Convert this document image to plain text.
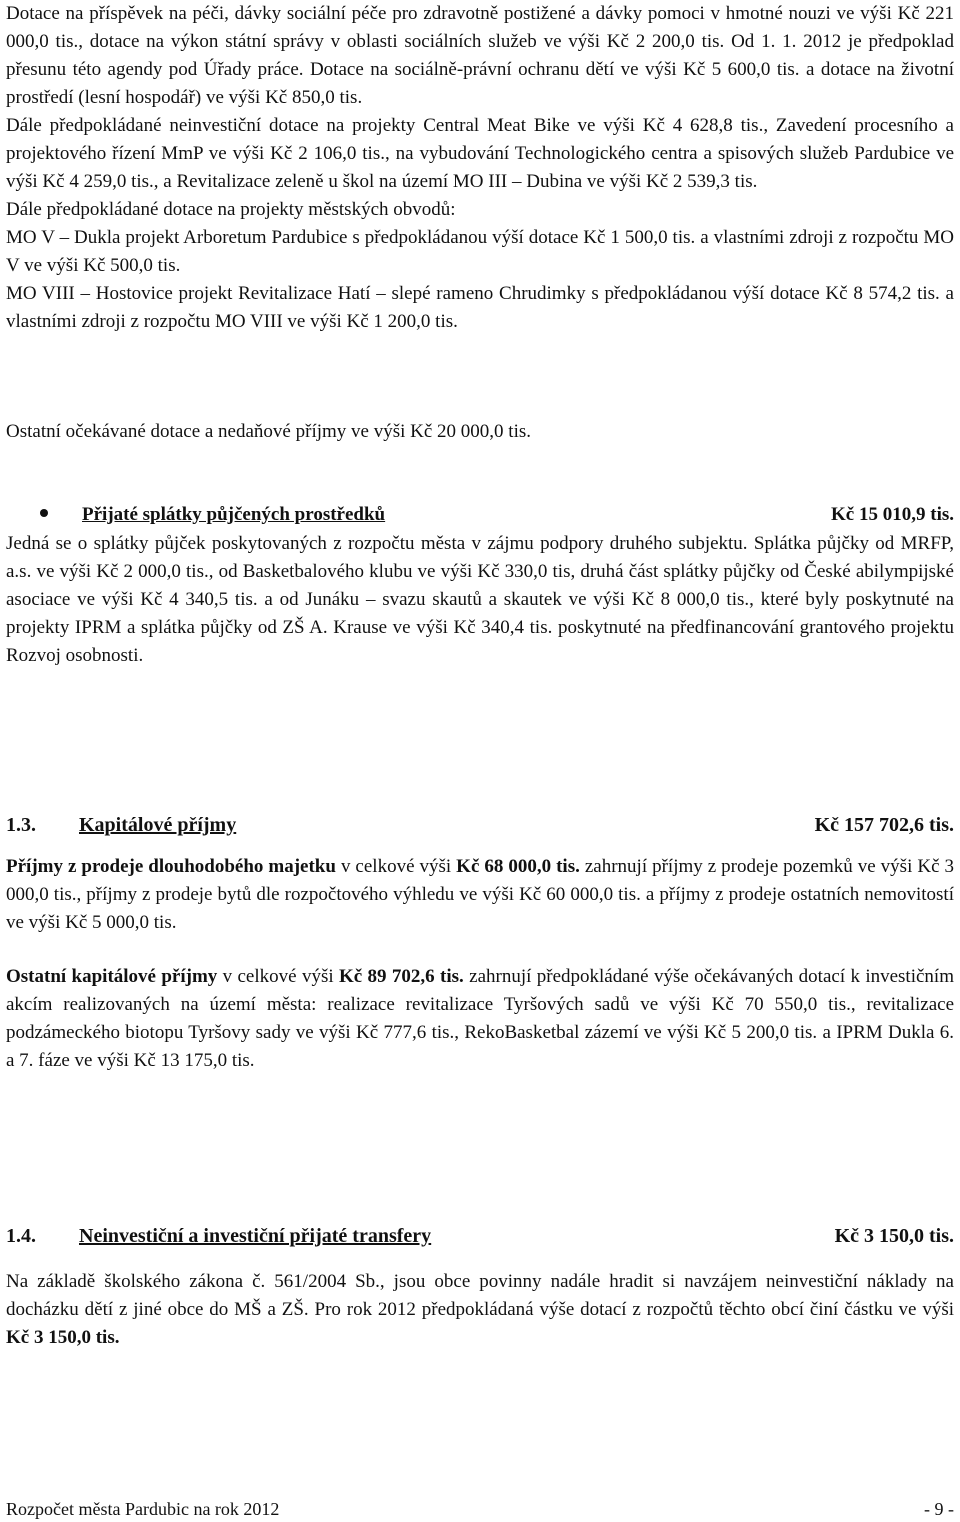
Dotace na příspěvek na péči, dávky sociální péče pro zdravotně postižené a dávky pomoci v hmotné nouzi ve výši Kč 221 000,0 tis., dotace na výkon státní správy v oblasti sociálních služeb ve výši Kč 2 200,0 tis. Od 1. 1. 2012 je předpoklad přesunu této agendy pod Úřady práce. Dotace na sociálně-právní ochranu dětí ve výši Kč 5 600,0 tis. a dotace na životní prostředí (lesní hospodář) ve výši Kč 850,0 tis.

Dále předpokládané neinvestiční dotace na projekty Central Meat Bike ve výši Kč 4 628,8 tis., Zavedení procesního a projektového řízení MmP ve výši Kč 2 106,0 tis., na vybudování Technologického centra a spisových služeb Pardubice ve výši Kč 4 259,0 tis., a Revitalizace zeleně u škol na území MO III – Dubina ve výši Kč 2 539,3 tis.

Dále předpokládané dotace na projekty městských obvodů:

MO V – Dukla projekt Arboretum Pardubice s předpokládanou výší dotace Kč 1 500,0 tis. a vlastními zdroji z rozpočtu MO V ve výši Kč 500,0 tis.

MO VIII – Hostovice projekt Revitalizace Hatí – slepé rameno Chrudimky s předpokládanou výší dotace Kč 8 574,2 tis. a vlastními zdroji z rozpočtu MO VIII ve výši Kč 1 200,0 tis.

Ostatní očekávané dotace a nedaňové příjmy ve výši Kč 20 000,0 tis.

Přijaté splátky půjčených prostředků	Kč 15 010,9 tis.

Jedná se o splátky půjček poskytovaných z rozpočtu města v zájmu podpory druhého subjektu. Splátka půjčky od MRFP, a.s. ve výši Kč 2 000,0 tis., od Basketbalového klubu ve výši Kč 330,0 tis, druhá část splátky půjčky od České abilympijské asociace ve výši Kč 4 340,5 tis. a od Junáku – svazu skautů a skautek ve výši Kč 8 000,0 tis., které byly poskytnuté na projekty IPRM a splátka půjčky od ZŠ A. Krause ve výši Kč 340,4 tis. poskytnuté na předfinancování grantového projektu Rozvoj osobnosti.

1.3.	Kapitálové příjmy	Kč 157 702,6 tis.

Příjmy z prodeje dlouhodobého majetku v celkové výši Kč 68 000,0 tis. zahrnují příjmy z prodeje pozemků ve výši Kč 3 000,0 tis., příjmy z prodeje bytů dle rozpočtového výhledu ve výši Kč 60 000,0 tis. a příjmy z prodeje ostatních nemovitostí ve výši Kč 5 000,0 tis.

Ostatní kapitálové příjmy v celkové výši Kč 89 702,6 tis. zahrnují předpokládané výše očekávaných dotací k investičním akcím realizovaných na území města: realizace revitalizace Tyršových sadů ve výši Kč 70 550,0 tis., revitalizace podzámeckého biotopu Tyršovy sady ve výši Kč 777,6 tis., RekoBasketbal zázemí ve výši Kč 5 200,0 tis. a IPRM Dukla 6. a 7. fáze ve výši Kč 13 175,0 tis.

1.4.	Neinvestiční a investiční přijaté transfery	Kč 3 150,0 tis.

Na základě školského zákona č. 561/2004 Sb., jsou obce povinny nadále hradit si navzájem neinvestiční náklady na docházku dětí z jiné obce do MŠ a ZŠ. Pro rok 2012 předpokládaná výše dotací z rozpočtů těchto obcí činí částku ve výši Kč 3 150,0 tis.

Rozpočet města Pardubic na rok 2012	- 9 -
